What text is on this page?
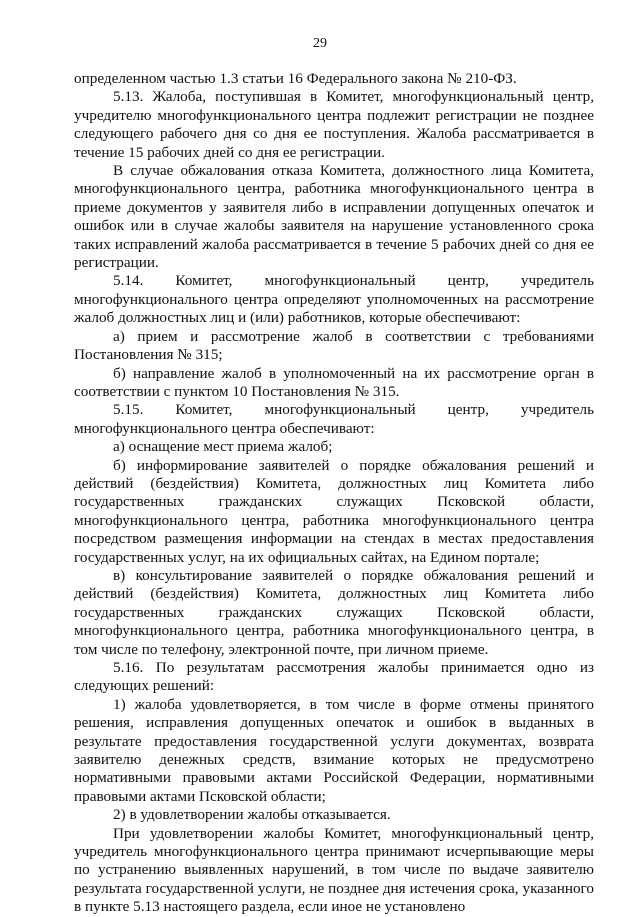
29

определенном частью 1.3 статьи 16 Федерального закона № 210-ФЗ.

5.13. Жалоба, поступившая в Комитет, многофункциональный центр, учредителю многофункционального центра подлежит регистрации не позднее следующего рабочего дня со дня ее поступления. Жалоба рассматривается в течение 15 рабочих дней со дня ее регистрации.

В случае обжалования отказа Комитета, должностного лица Комитета, многофункционального центра, работника многофункционального центра в приеме документов у заявителя либо в исправлении допущенных опечаток и ошибок или в случае жалобы заявителя на нарушение установленного срока таких исправлений жалоба рассматривается в течение 5 рабочих дней со дня ее регистрации.

5.14. Комитет, многофункциональный центр, учредитель многофункционального центра определяют уполномоченных на рассмотрение жалоб должностных лиц и (или) работников, которые обеспечивают:

а) прием и рассмотрение жалоб в соответствии с требованиями Постановления № 315;

б) направление жалоб в уполномоченный на их рассмотрение орган в соответствии с пунктом 10 Постановления № 315.

5.15. Комитет, многофункциональный центр, учредитель многофункционального центра обеспечивают:

а) оснащение мест приема жалоб;

б) информирование заявителей о порядке обжалования решений и действий (бездействия) Комитета, должностных лиц Комитета либо государственных гражданских служащих Псковской области, многофункционального центра, работника многофункционального центра посредством размещения информации на стендах в местах предоставления государственных услуг, на их официальных сайтах, на Едином портале;

в) консультирование заявителей о порядке обжалования решений и действий (бездействия) Комитета, должностных лиц Комитета либо государственных гражданских служащих Псковской области, многофункционального центра, работника многофункционального центра, в том числе по телефону, электронной почте, при личном приеме.

5.16. По результатам рассмотрения жалобы принимается одно из следующих решений:

1) жалоба удовлетворяется, в том числе в форме отмены принятого решения, исправления допущенных опечаток и ошибок в выданных в результате предоставления государственной услуги документах, возврата заявителю денежных средств, взимание которых не предусмотрено нормативными правовыми актами Российской Федерации, нормативными правовыми актами Псковской области;

2) в удовлетворении жалобы отказывается.

При удовлетворении жалобы Комитет, многофункциональный центр, учредитель многофункционального центра принимают исчерпывающие меры по устранению выявленных нарушений, в том числе по выдаче заявителю результата государственной услуги, не позднее дня истечения срока, указанного в пункте 5.13 настоящего раздела, если иное не установлено
